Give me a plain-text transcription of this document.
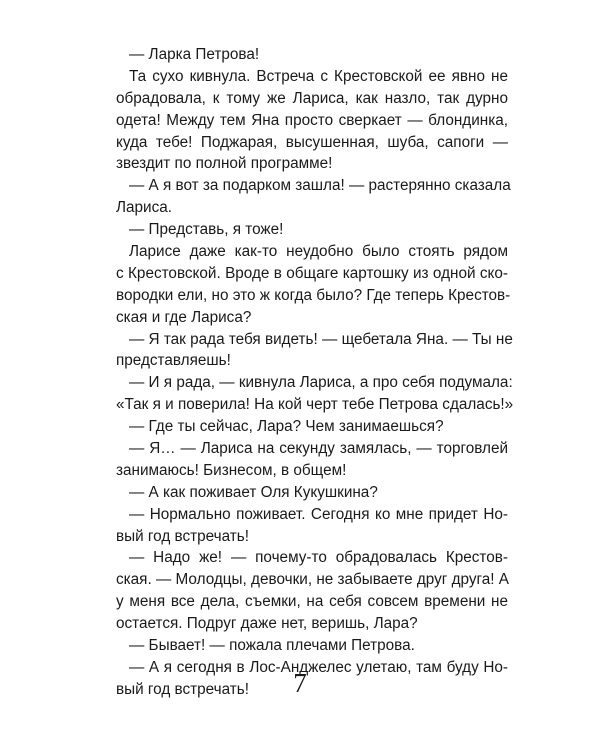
— Ларка Петрова!
Та сухо кивнула. Встреча с Крестовской ее явно не
обрадовала, к тому же Лариса, как назло, так дурно
одета! Между тем Яна просто сверкает — блондинка,
куда тебе! Поджарая, высушенная, шуба, сапоги —
звездит по полной программе!
— А я вот за подарком зашла! — растерянно сказала
Лариса.
— Представь, я тоже!
Ларисе даже как-то неудобно было стоять рядом
с Крестовской. Вроде в общаге картошку из одной ско-
вородки ели, но это ж когда было? Где теперь Крестов-
ская и где Лариса?
— Я так рада тебя видеть! — щебетала Яна. — Ты не
представляешь!
— И я рада, — кивнула Лариса, а про себя подумала:
«Так я и поверила! На кой черт тебе Петрова сдалась!»
— Где ты сейчас, Лара? Чем занимаешься?
— Я… — Лариса на секунду замялась, — торговлей
занимаюсь! Бизнесом, в общем!
— А как поживает Оля Кукушкина?
— Нормально поживает. Сегодня ко мне придет Но-
вый год встречать!
— Надо же! — почему-то обрадовалась Крестов-
ская. — Молодцы, девочки, не забываете друг друга! А
у меня все дела, съемки, на себя совсем времени не
остается. Подруг даже нет, веришь, Лара?
— Бывает! — пожала плечами Петрова.
— А я сегодня в Лос-Анджелес улетаю, там буду Но-
вый год встречать!	7
